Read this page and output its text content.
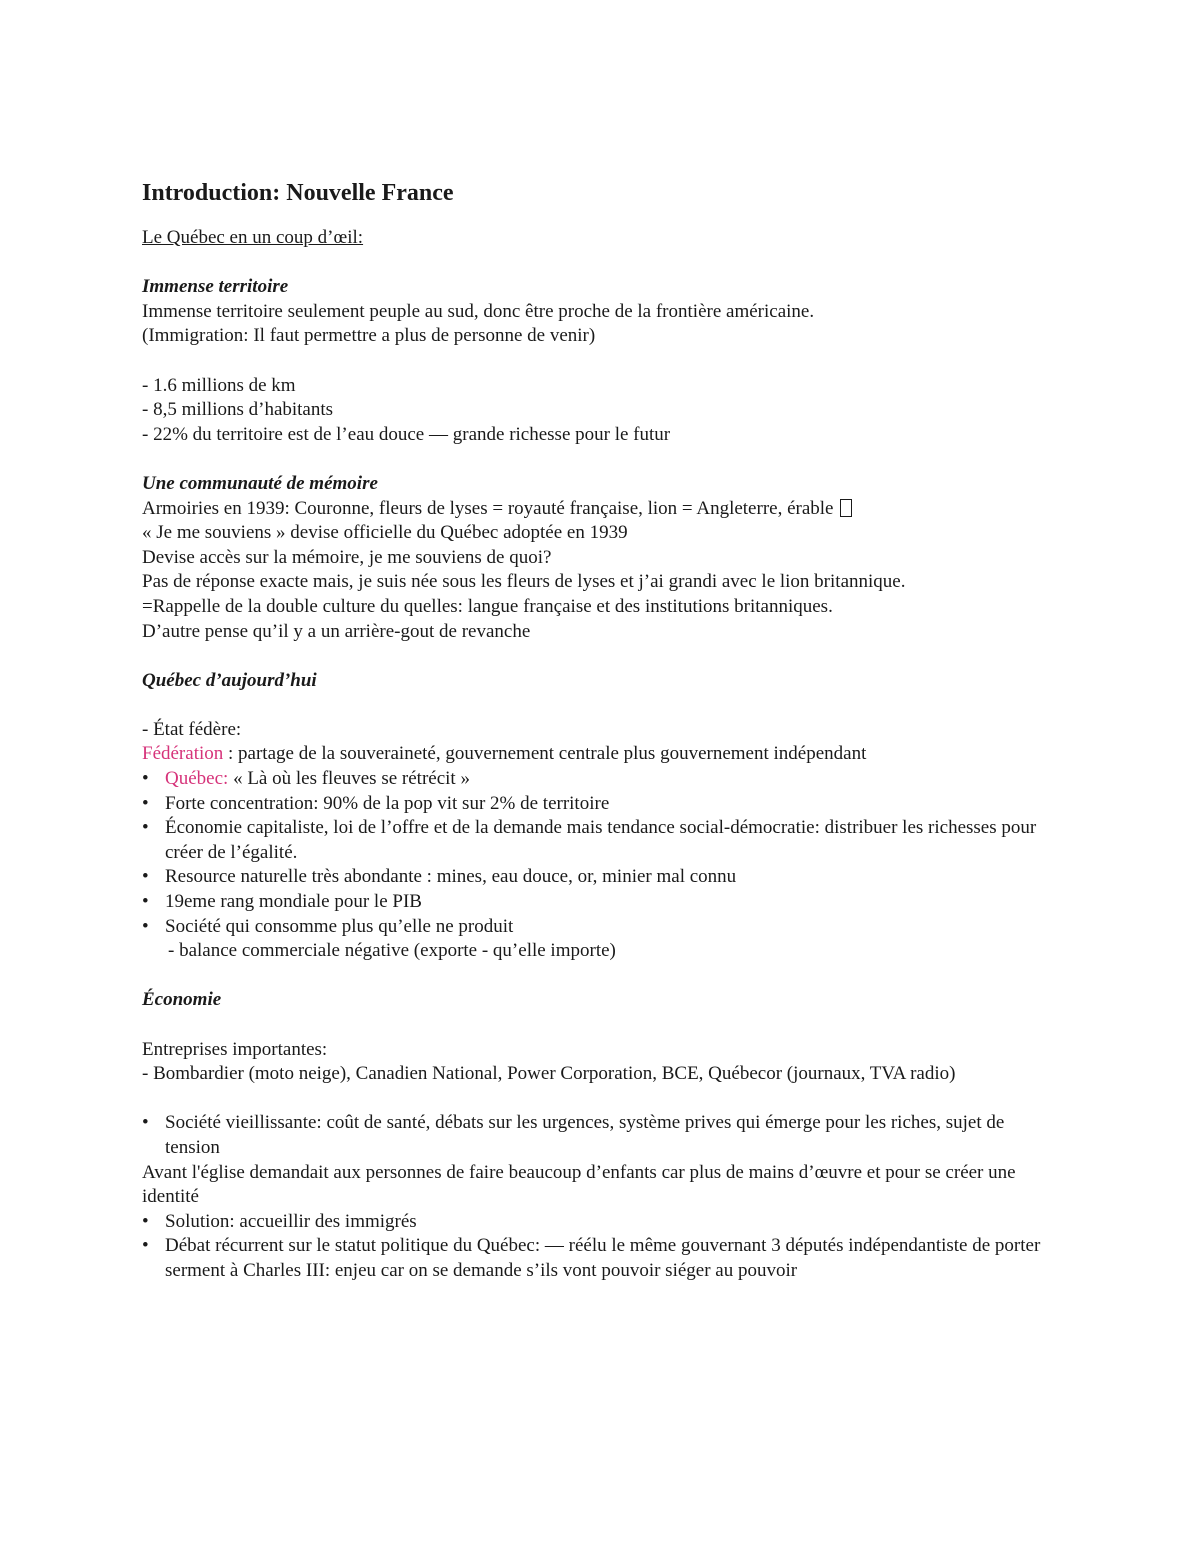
Introduction: Nouvelle France

Le Québec en un coup d’œil:

Immense territoire

Immense territoire seulement peuple au sud, donc être proche de la frontière américaine.

(Immigration: Il faut permettre a plus de personne de venir)

- 1.6 millions de km

- 8,5 millions d’habitants

- 22% du territoire est de l’eau douce — grande richesse pour le futur

Une communauté de mémoire

Armoiries en 1939: Couronne, fleurs de lyses = royauté française, lion = Angleterre, érable

« Je me souviens » devise officielle du Québec adoptée en 1939

Devise accès sur la mémoire, je me souviens de quoi?

Pas de réponse exacte mais, je suis née sous les fleurs de lyses et j’ai grandi avec le lion britannique.

=Rappelle de la double culture du quelles: langue française et des institutions britanniques.

D’autre pense qu’il y a un arrière-gout de revanche

Québec d’aujourd’hui

- État fédère:

Fédération : partage de la souveraineté, gouvernement centrale plus gouvernement indépendant

• Québec: « Là où les fleuves se rétrécit »
• Forte concentration: 90% de la pop vit sur 2% de territoire
• Économie capitaliste, loi de l’offre et de la demande mais tendance social-démocratie: distribuer les richesses pour créer de l’égalité.
• Resource naturelle très abondante : mines, eau douce, or, minier mal connu
• 19eme rang mondiale pour le PIB
• Société qui consomme plus qu’elle ne produit

- balance commerciale négative (exporte - qu’elle importe)

Économie

Entreprises importantes:

- Bombardier (moto neige), Canadien National, Power Corporation, BCE, Québecor (journaux, TVA radio)

• Société vieillissante: coût de santé, débats sur les urgences, système prives qui émerge pour les riches, sujet de tension

Avant l'église demandait aux personnes de faire beaucoup d’enfants car plus de mains d’œuvre et pour se créer une identité

• Solution: accueillir des immigrés
• Débat récurrent sur le statut politique du Québec: — réélu le même gouvernant 3 députés indépendantiste de porter serment à Charles III: enjeu car on se demande s’ils vont pouvoir siéger au pouvoir
